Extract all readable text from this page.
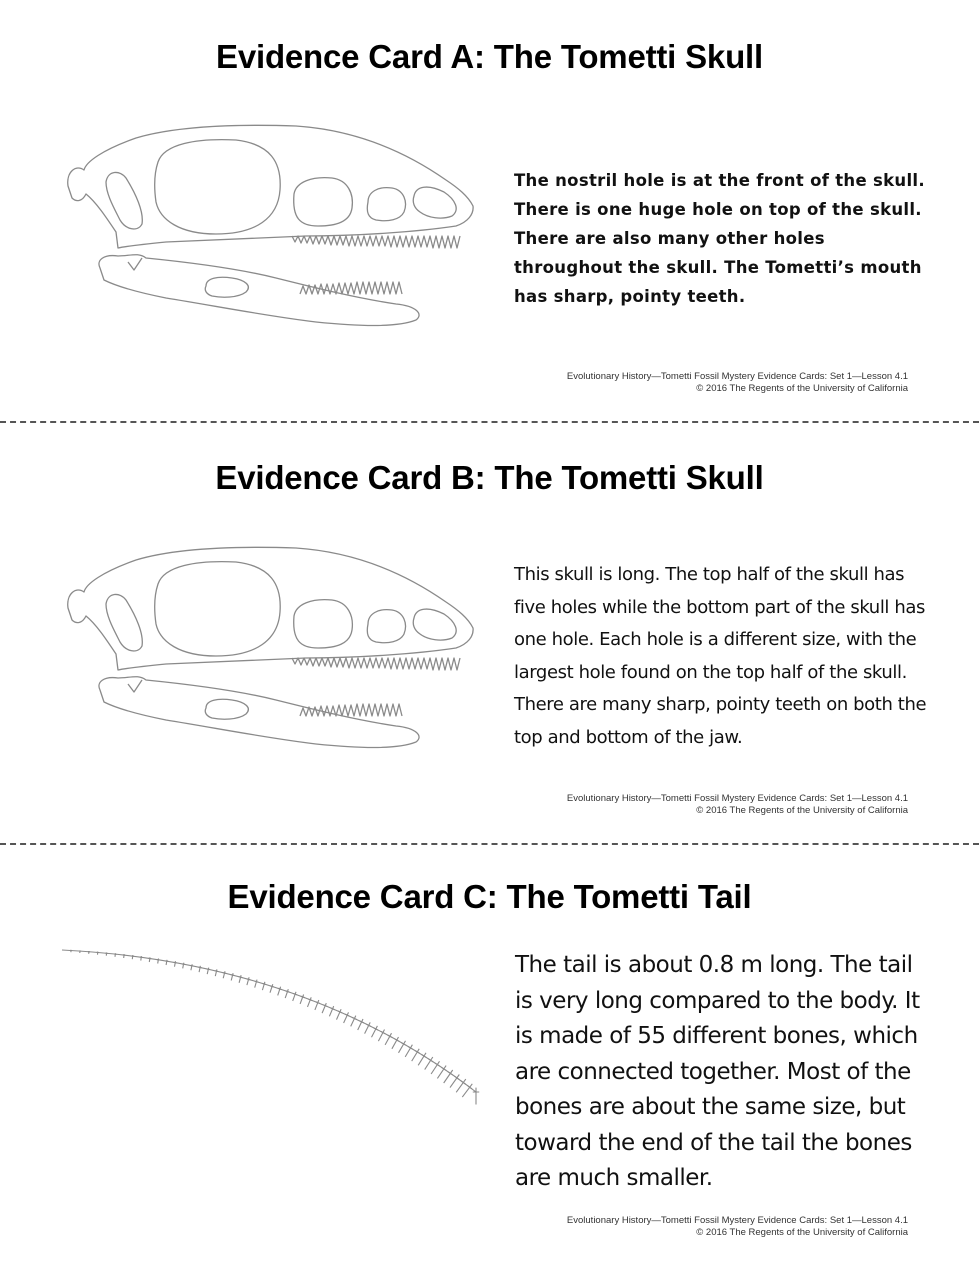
Evidence Card A: The Tometti Skull

The nostril hole is at the front of the skull. There is one huge hole on top of the skull. There are also many other holes throughout the skull. The Tometti’s mouth has sharp, pointy teeth.

Evolutionary History—Tometti Fossil Mystery Evidence Cards: Set 1—Lesson 4.1
© 2016 The Regents of the University of California
Evidence Card B: The Tometti Skull

This skull is long. The top half of the skull has five holes while the bottom part of the skull has one hole. Each hole is a different size, with the largest hole found on the top half of the skull. There are many sharp, pointy teeth on both the top and bottom of the jaw.

Evolutionary History—Tometti Fossil Mystery Evidence Cards: Set 1—Lesson 4.1
© 2016 The Regents of the University of California
Evidence Card C: The Tometti Tail

The tail is about 0.8 m long. The tail is very long compared to the body. It is made of 55 different bones, which are connected together. Most of the bones are about the same size, but toward the end of the tail the bones are much smaller.

Evolutionary History—Tometti Fossil Mystery Evidence Cards: Set 1—Lesson 4.1
© 2016 The Regents of the University of California
